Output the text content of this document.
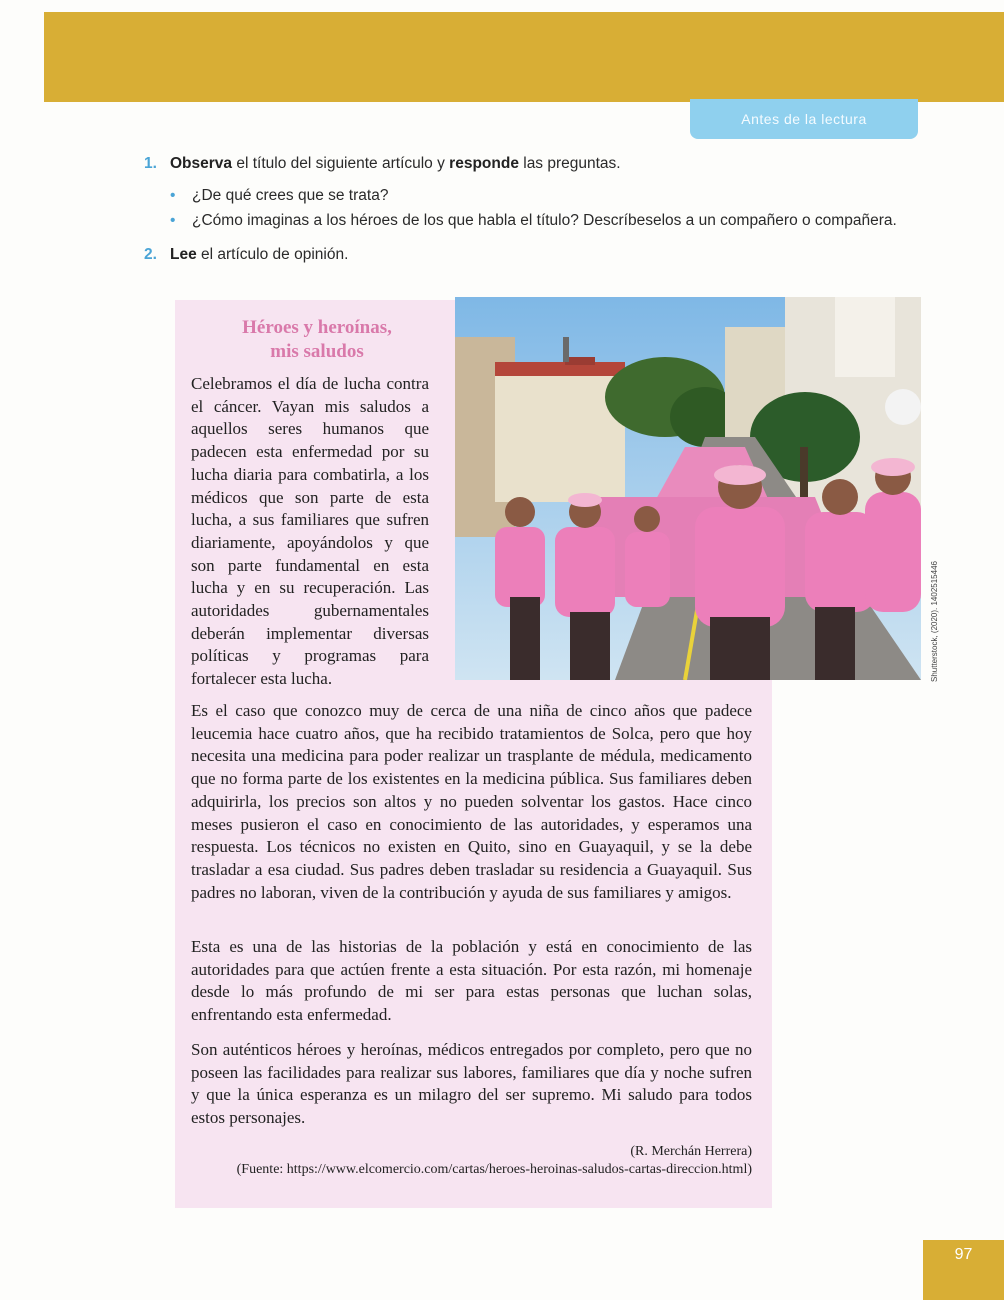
Antes de la lectura
1. Observa el título del siguiente artículo y responde las preguntas.
• ¿De qué crees que se trata?
• ¿Cómo imaginas a los héroes de los que habla el título? Descríbeselos a un compañero o compañera.
2. Lee el artículo de opinión.
Shutterstock, (2020). 1402515446
Héroes y heroínas,
mis saludos
Celebramos el día de lucha contra el cáncer. Vayan mis saludos a aquellos seres humanos que padecen esta enfermedad por su lucha diaria para combatirla, a los médicos que son parte de esta lucha, a sus familiares que sufren diariamente, apoyándolos y que son parte fundamental en esta lucha y en su recuperación. Las autoridades gubernamentales deberán implementar diversas políticas y programas para fortalecer esta lucha.
Es el caso que conozco muy de cerca de una niña de cinco años que padece leucemia hace cuatro años, que ha recibido tratamientos de Solca, pero que hoy necesita una medicina para poder realizar un trasplante de médula, medicamento que no forma parte de los existentes en la medicina pública. Sus familiares deben adquirirla, los precios son altos y no pueden solventar los gastos. Hace cinco meses pusieron el caso en conocimiento de las autoridades, y esperamos una respuesta. Los técnicos no existen en Quito, sino en Guayaquil, y se la debe trasladar a esa ciudad. Sus padres deben trasladar su residencia a Guayaquil. Sus padres no laboran, viven de la contribución y ayuda de sus familiares y amigos.
Esta es una de las historias de la población y está en conocimiento de las autoridades para que actúen frente a esta situación. Por esta razón, mi homenaje desde lo más profundo de mi ser para estas personas que luchan solas, enfrentando esta enfermedad.
Son auténticos héroes y heroínas, médicos entregados por completo, pero que no poseen las facilidades para realizar sus labores, familiares que día y noche sufren y que la única esperanza es un milagro del ser supremo. Mi saludo para todos estos personajes.
(R. Merchán Herrera)
(Fuente: https://www.elcomercio.com/cartas/heroes-heroinas-saludos-cartas-direccion.html)
97
